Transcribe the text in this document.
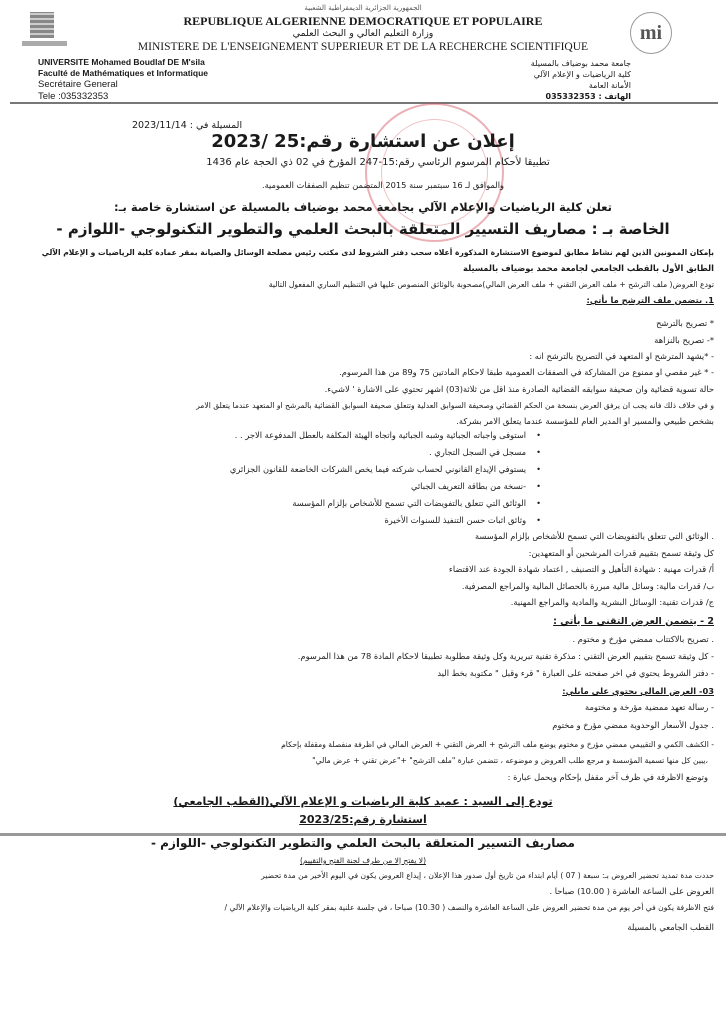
mi
الجمهورية الجزائرية الديمقراطية الشعبية
REPUBLIQUE ALGERIENNE DEMOCRATIQUE ET POPULAIRE
وزارة التعليم العالي و البحث العلمي
MINISTERE DE L'ENSEIGNEMENT SUPERIEUR ET DE LA RECHERCHE SCIENTIFIQUE
UNIVERSITE Mohamed Boudlaf DE M'sila
Faculté de Mathématiques et Informatique
Secrétaire General
Tele :035332353
جامعة محمد بوضياف بالمسيلة
كلية الرياضيات و الإعلام الآلي
الأمانة العامة
الهاتف : 035332353
المسيلة في : 2023/11/14
إعلان عن استشارة رقم:25 /2023
تطبيقا لأحكام المرسوم الرئاسي رقم:15-247 المؤرخ في 02 ذي الحجة عام 1436
والموافق لـ 16 سبتمبر سنة 2015 المتضمن تنظيم الصفقات العمومية.
تعلن كلية الرياضيات والإعلام الآلي بجامعة محمد بوضياف بالمسيلة عن استشارة خاصة بـ:
الخاصة بـ : مصاريف التسيير المتعلقة بالبحث العلمي والتطوير التكنولوجي -اللوازم -
بإمكان الممونين الذين لهم نشاط مطابق لموضوع الاستشارة المذكورة أعلاه سحب دفتر الشروط لدى مكتب رئيس مصلحة الوسائل والصيانة بمقر عمادة كلية الرياضيات و الإعلام الآلي
الطابق الأول بالقطب الجامعي لجامعة محمد بوضياف بالمسيلة
تودع العروض( ملف الترشح + ملف العرض التقني + ملف العرض المالي)مصحوبة بالوثائق المنصوص عليها في التنظيم الساري المفعول التالية
1. يتضمن ملف الترشح ما يأتي:
* تصريح بالترشح
*- تصريح بالنزاهة
- *يشهد المترشح او المتعهد في التصريح بالترشح انه :
- * غير مقصي او ممنوع من المشاركة في الصفقات العمومية طبقا لاحكام المادتين 75 و89 من هذا المرسوم.
حالة تسوية قضائية وان صحيفة سوابقه القضائية الصادرة منذ اقل من ثلاثة(03) اشهر تحتوي على الاشارة ' لاشيء.
و في خلاف ذلك فانه يجب ان يرفق العرض بنسخة من الحكم القضائي وصحيفة السوابق العدلية وتتعلق صحيفة السوابق القضائية بالمرشح او المتعهد عندما يتعلق الامر
بشخص طبيعي والمسير او المدير العام للمؤسسة عندما يتعلق الامر بشركة.
• استوفى واجباته الجبائية وشبه الجبائية واتجاه الهيئة المكلفة بالعطل المدفوعة الاجر . .
• مسجل في السجل التجاري .
• يستوفي الإيداع القانوني لحساب شركته فيما يخص الشركات الخاضعة للقانون الجزائري
• -نسخة من بطاقة التعريف الجبائي
• الوثائق التي تتعلق بالتفويضات التي تسمح للأشخاص بإلزام المؤسسة
• وثائق اثبات حسن التنفيذ للسنوات الأخيرة
. الوثائق التي تتعلق بالتفويضات التي تسمح للأشخاص بإلزام المؤسسة
كل وثيقة تسمح بتقييم قدرات المرشحين أو المتعهدين:
أ/ قدرات مهنية : شهادة التأهيل و التصنيف , اعتماد شهادة الجودة عند الاقتضاء
ب/ قدرات مالية: وسائل مالية مبررة بالحصائل المالية والمراجع المصرفية.
ج/ قدرات تقنية: الوسائل البشرية والمادية والمراجع المهنية.
2 - يتضمن العرض التقني ما يأتي :
. تصريح بالاكتتاب ممضي مؤرخ و مختوم .
- كل وثيقة تسمح بتقييم العرض التقني : مذكرة تقنية تبريرية وكل وثيقة مطلوبة تطبيقا لاحكام المادة 78 من هذا المرسوم.
- دفتر الشروط يحتوي في اخر صفحته على العبارة " قرء وقبل " مكتوبة بخط اليد
03- العرض المالي يحتوي على مايلي:
- رسالة تعهد ممضية مؤرخة و مختومة
. جدول الأسعار الوحدوية ممضي مؤرخ و مختوم
- الكشف الكمي و التقييمي ممضي مؤرخ و مختوم يوضع ملف الترشح + العرض التقني + العرض المالي في اظرفة منفصلة ومقفلة بإحكام
،يبين كل منها تسمية المؤسسة و مرجع طلب العروض و موضوعه ، تتضمن عبارة "ملف الترشح" +"عرض تقني + عرض مالي"
وتوضع الاظرفة في ظرف آخر مقفل بإحكام ويحمل عبارة :
تودع إلى السيد : عميد كلية الرياضيات و الإعلام الآلي(القطب الجامعي)
استشارة رقم:2023/25
مصاريف التسيير المتعلقة بالبحث العلمي والتطوير التكنولوجي -اللوازم -
(لا يفتح إلا من طرف لجنة الفتح والتقييم)
حددت مدة تمديد تحضير العروض بـ: سبعة ( 07 ) أيام ابتداء من تاريخ أول صدور هذا الإعلان ، إيداع العروض يكون في اليوم الأخير من مدة تحضير
العروض على الساعة العاشرة ( 10.00) صباحا .
فتح الاظرفة يكون في أخر يوم من مدة تحضير العروض على الساعة العاشرة والنصف ( 10.30) صباحا ، في جلسة علنية بمقر كلية الرياضيات والإعلام الآلي /
القطب الجامعي بالمسيلة
